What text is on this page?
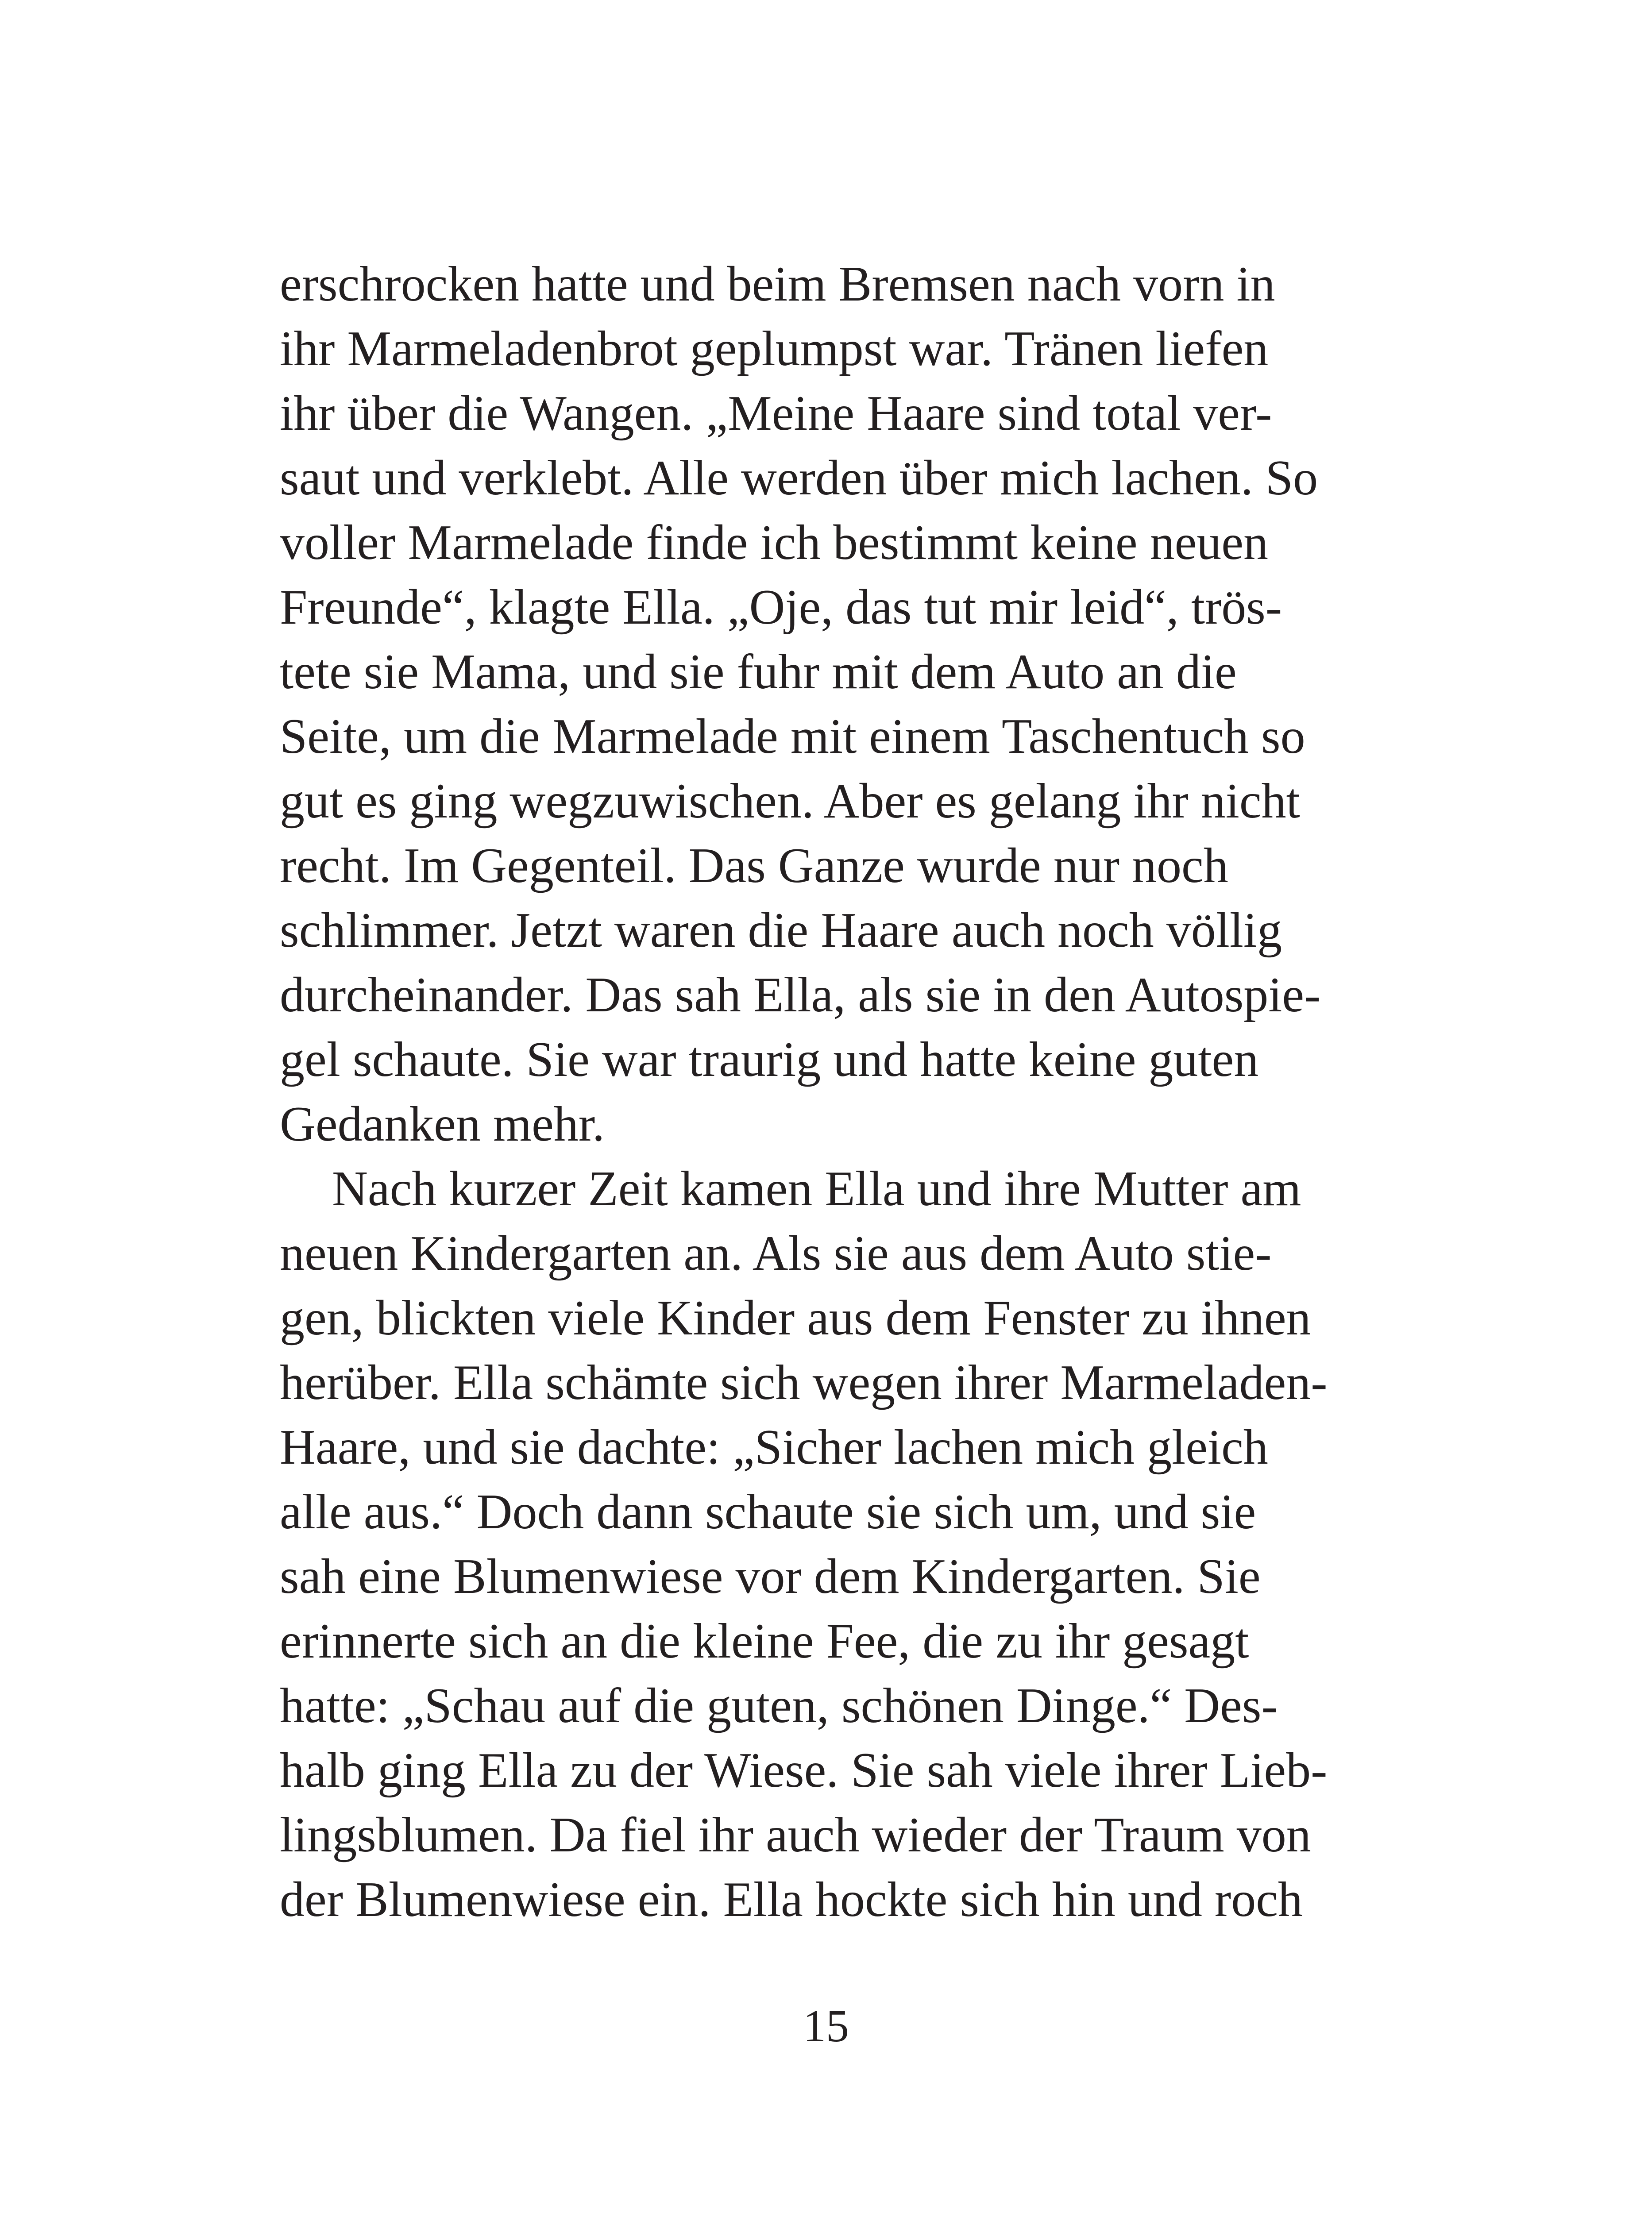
erschrocken hatte und beim Bremsen nach vorn in
ihr Marmeladenbrot geplumpst war. Tränen liefen
ihr über die Wangen. „Meine Haare sind total ver-
saut und verklebt. Alle werden über mich lachen. So
voller Marmelade finde ich bestimmt keine neuen
Freunde“, klagte Ella. „Oje, das tut mir leid“, trös-
tete sie Mama, und sie fuhr mit dem Auto an die
Seite, um die Marmelade mit einem Taschentuch so
gut es ging wegzuwischen. Aber es gelang ihr nicht
recht. Im Gegenteil. Das Ganze wurde nur noch
schlimmer. Jetzt waren die Haare auch noch völlig
durcheinander. Das sah Ella, als sie in den Autospie-
gel schaute. Sie war traurig und hatte keine guten
Gedanken mehr.
Nach kurzer Zeit kamen Ella und ihre Mutter am
neuen Kindergarten an. Als sie aus dem Auto stie-
gen, blickten viele Kinder aus dem Fenster zu ihnen
herüber. Ella schämte sich wegen ihrer Marmeladen-
Haare, und sie dachte: „Sicher lachen mich gleich
alle aus.“ Doch dann schaute sie sich um, und sie
sah eine Blumenwiese vor dem Kindergarten. Sie
erinnerte sich an die kleine Fee, die zu ihr gesagt
hatte: „Schau auf die guten, schönen Dinge.“ Des-
halb ging Ella zu der Wiese. Sie sah viele ihrer Lieb-
lingsblumen. Da fiel ihr auch wieder der Traum von
der Blumenwiese ein. Ella hockte sich hin und roch
15
